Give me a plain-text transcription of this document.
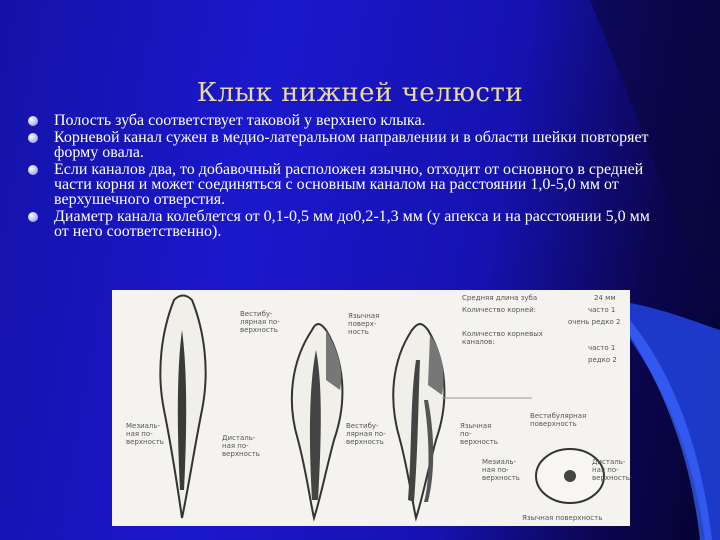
Клык нижней челюсти
Полость зуба соответствует таковой у верхнего клыка.
Корневой канал сужен в медио-латеральном направлении и в области шейки повторяет форму овала.
Если каналов два, то добавочный расположен язычно, отходит от основного в средней части корня и может соединяться с основным каналом на расстоянии 1,0-5,0 мм от верхушечного отверстия.
Диаметр канала колеблется от 0,1-0,5 мм до0,2-1,3 мм (у апекса и на расстоянии 5,0 мм от него соответственно).
Вестибу-
лярная по-
верхность
Язычная
поверх-
ность
Мезиаль-
ная по-
верхность	Дисталь-
ная по-
верхность
Вестибу-
лярная по-
верхность
Язычная
по-
верхность
Вестибулярная
поверхность
Мезиаль-
ная по-
верхность
Дисталь-
ная по-
верхность
Язычная поверхность
Средняя длина зуба
Количество корней:
Количество корневых
каналов:
24 мм
часто 1
очень редко 2
часто 1
редко 2
